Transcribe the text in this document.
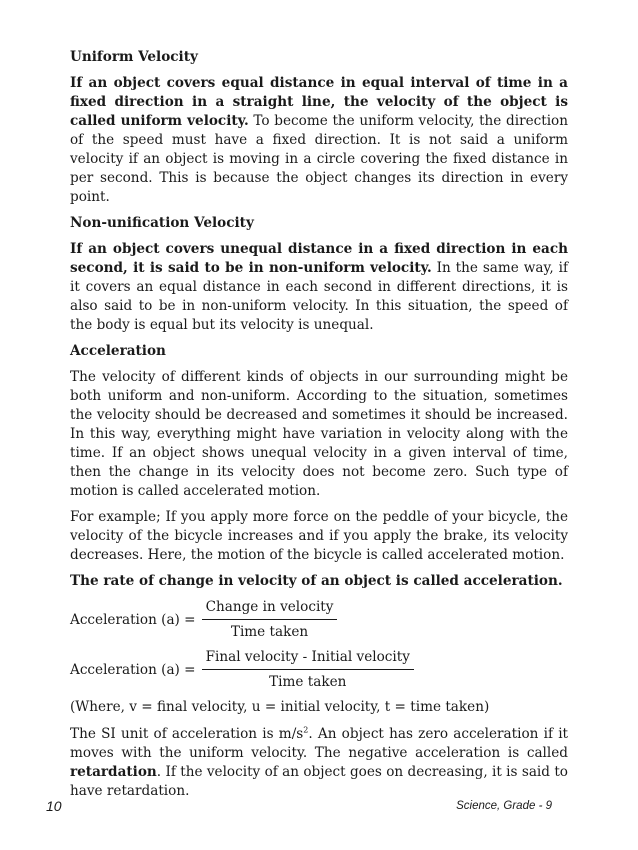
Uniform Velocity

If an object covers equal distance in equal interval of time in a fixed direction in a straight line, the velocity of the object is called uniform velocity. To become the uniform velocity, the direction of the speed must have a fixed direction. It is not said a uniform velocity if an object is moving in a circle covering the fixed distance in per second. This is because the object changes its direction in every point.

Non-unification Velocity

If an object covers unequal distance in a fixed direction in each second, it is said to be in non-uniform velocity. In the same way, if it covers an equal distance in each second in different directions, it is also said to be in non-uniform velocity. In this situation, the speed of the body is equal but its velocity is unequal.

Acceleration

The velocity of different kinds of objects in our surrounding might be both uniform and non-uniform. According to the situation, sometimes the velocity should be decreased and sometimes it should be increased. In this way, everything might have variation in velocity along with the time. If an object shows unequal velocity in a given interval of time, then the change in its velocity does not become zero. Such type of motion is called accelerated motion.

For example; If you apply more force on the peddle of your bicycle, the velocity of the bicycle increases and if you apply the brake, its velocity decreases. Here, the motion of the bicycle is called accelerated motion.

The rate of change in velocity of an object is called acceleration.

Acceleration $(a) = \frac{\text{Change in velocity}}{\text{Time taken}}$
Acceleration $(a) = \frac{\text{Final velocity - Initial velocity}}{\text{Time taken}}$

(Where, v = final velocity, u = initial velocity, t = time taken)

The SI unit of acceleration is $m/s^2$. An object has zero acceleration if it moves with the uniform velocity. The negative acceleration is called retardation. If the velocity of an object goes on decreasing, it is said to have retardation.

10	Science, Grade - 9
